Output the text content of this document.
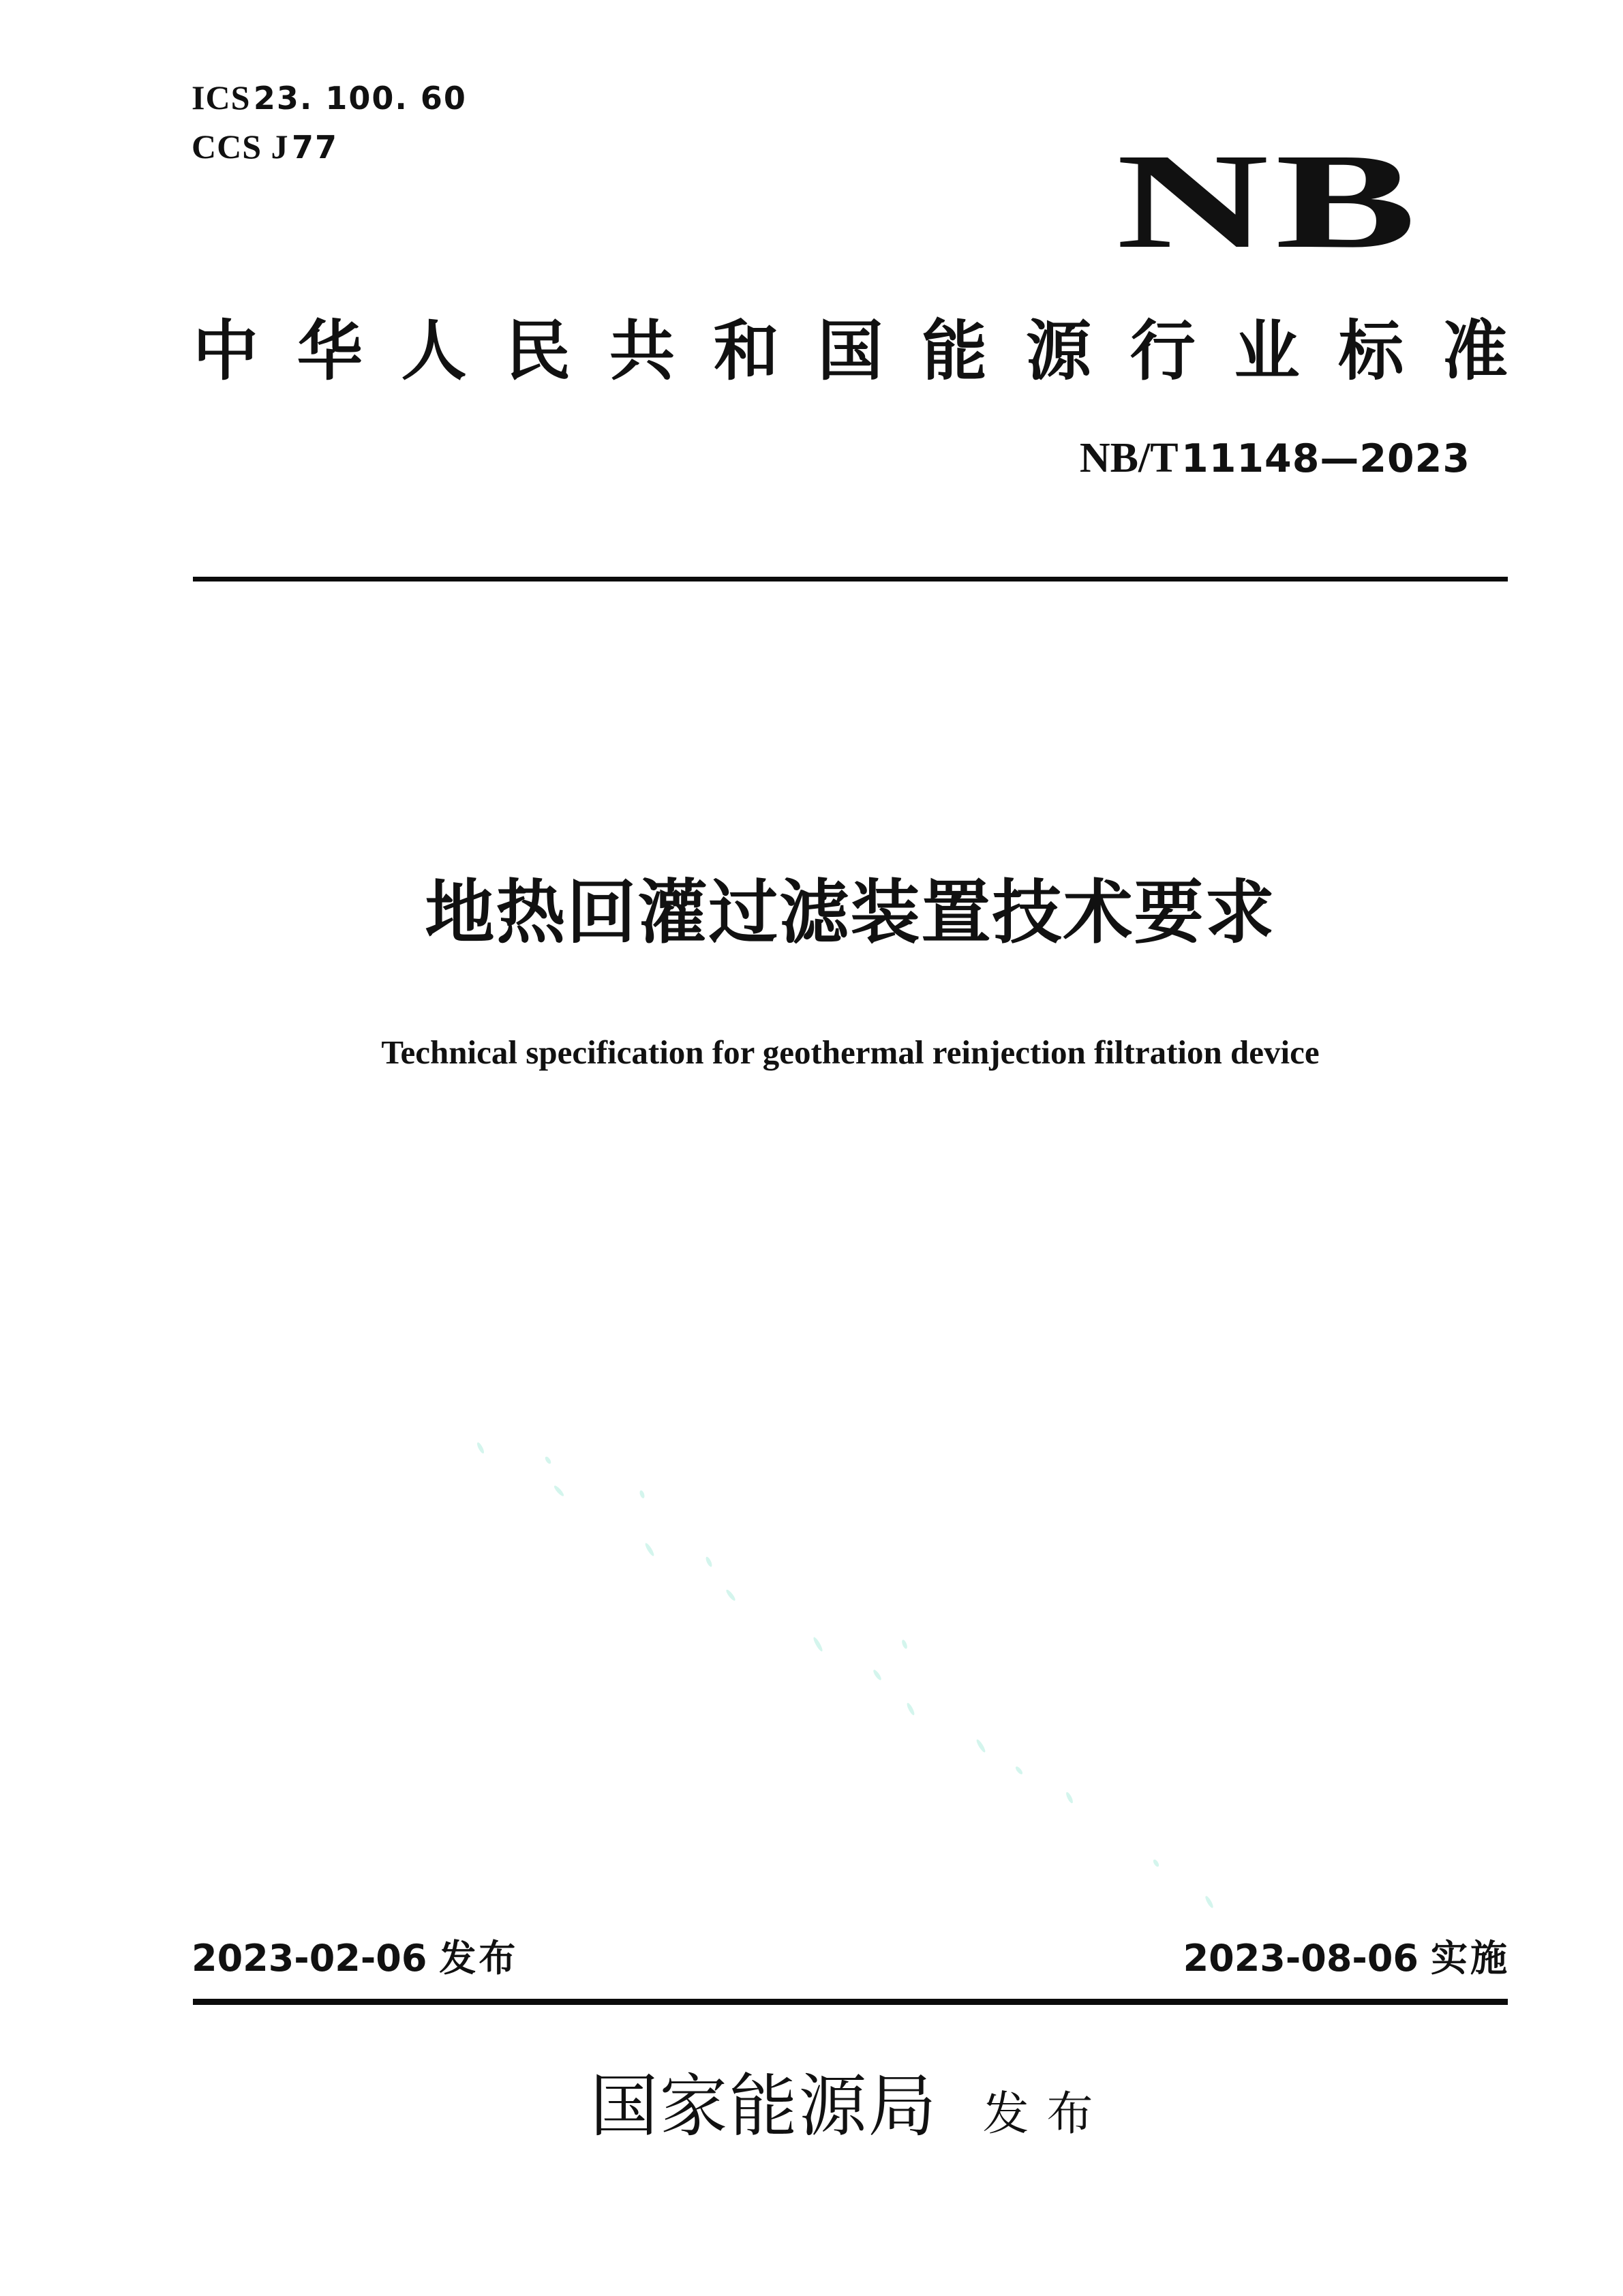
ICS 23. 100. 60
CCS J 77	NB
中 华 人 民 共 和 国 能 源 行 业 标 准
NB/T 11148—2023
地热回灌过滤装置技术要求
Technical specification for geothermal reinjection filtration device
2023-02-06 发布	2023-08-06 实施
国家能源局 发布
